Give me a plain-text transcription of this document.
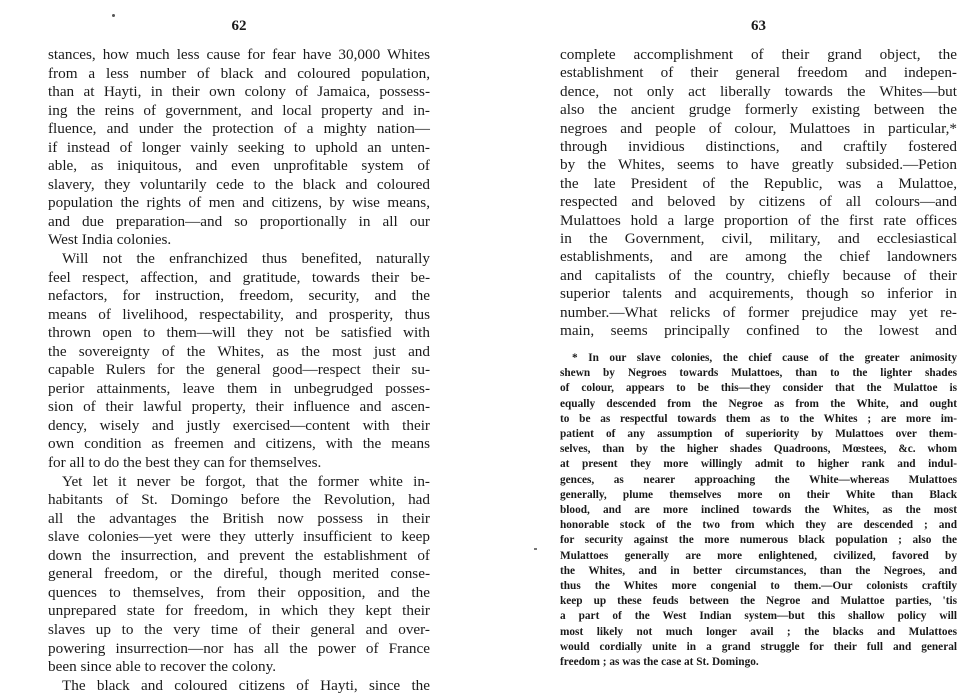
62
stances, how much less cause for fear have 30,000 Whites
from a less number of black and coloured population,
than at Hayti, in their own colony of Jamaica, possess-
ing the reins of government, and local property and in-
fluence, and under the protection of a mighty nation—
if instead of longer vainly seeking to uphold an unten-
able, as iniquitous, and even unprofitable system of
slavery, they voluntarily cede to the black and coloured
population the rights of men and citizens, by wise means,
and due preparation—and so proportionally in all our
West India colonies.
Will not the enfranchized thus benefited, naturally
feel respect, affection, and gratitude, towards their be-
nefactors, for instruction, freedom, security, and the
means of livelihood, respectability, and prosperity, thus
thrown open to them—will they not be satisfied with
the sovereignty of the Whites, as the most just and
capable Rulers for the general good—respect their su-
perior attainments, leave them in unbegrudged posses-
sion of their lawful property, their influence and ascen-
dency, wisely and justly exercised—content with their
own condition as freemen and citizens, with the means
for all to do the best they can for themselves.
Yet let it never be forgot, that the former white in-
habitants of St. Domingo before the Revolution, had
all the advantages the British now possess in their
slave colonies—yet were they utterly insufficient to keep
down the insurrection, and prevent the establishment of
general freedom, or the direful, though merited conse-
quences to themselves, from their opposition, and the
unprepared state for freedom, in which they kept their
slaves up to the very time of their general and over-
powering insurrection—nor has all the power of France
been since able to recover the colony.
The black and coloured citizens of Hayti, since the
63
complete accomplishment of their grand object, the
establishment of their general freedom and indepen-
dence, not only act liberally towards the Whites—but
also the ancient grudge formerly existing between the
negroes and people of colour, Mulattoes in particular,*
through invidious distinctions, and craftily fostered
by the Whites, seems to have greatly subsided.—Petion
the late President of the Republic, was a Mulattoe,
respected and beloved by citizens of all colours—and
Mulattoes hold a large proportion of the first rate offices
in the Government, civil, military, and ecclesiastical
establishments, and are among the chief landowners
and capitalists of the country, chiefly because of their
superior talents and acquirements, though so inferior in
number.—What relicks of former prejudice may yet re-
main, seems principally confined to the lowest and
* In our slave colonies, the chief cause of the greater animosity
shewn by Negroes towards Mulattoes, than to the lighter shades
of colour, appears to be this—they consider that the Mulattoe is
equally descended from the Negroe as from the White, and ought
to be as respectful towards them as to the Whites ; are more im-
patient of any assumption of superiority by Mulattoes over them-
selves, than by the higher shades Quadroons, Mœstees, &c. whom
at present they more willingly admit to higher rank and indul-
gences, as nearer approaching the White—whereas Mulattoes
generally, plume themselves more on their White than Black
blood, and are more inclined towards the Whites, as the most
honorable stock of the two from which they are descended ; and
for security against the more numerous black population ; also the
Mulattoes generally are more enlightened, civilized, favored by
the Whites, and in better circumstances, than the Negroes, and
thus the Whites more congenial to them.—Our colonists craftily
keep up these feuds between the Negroe and Mulattoe parties, 'tis
a part of the West Indian system—but this shallow policy will
most likely not much longer avail ; the blacks and Mulattoes
would cordially unite in a grand struggle for their full and general
freedom ; as was the case at St. Domingo.
